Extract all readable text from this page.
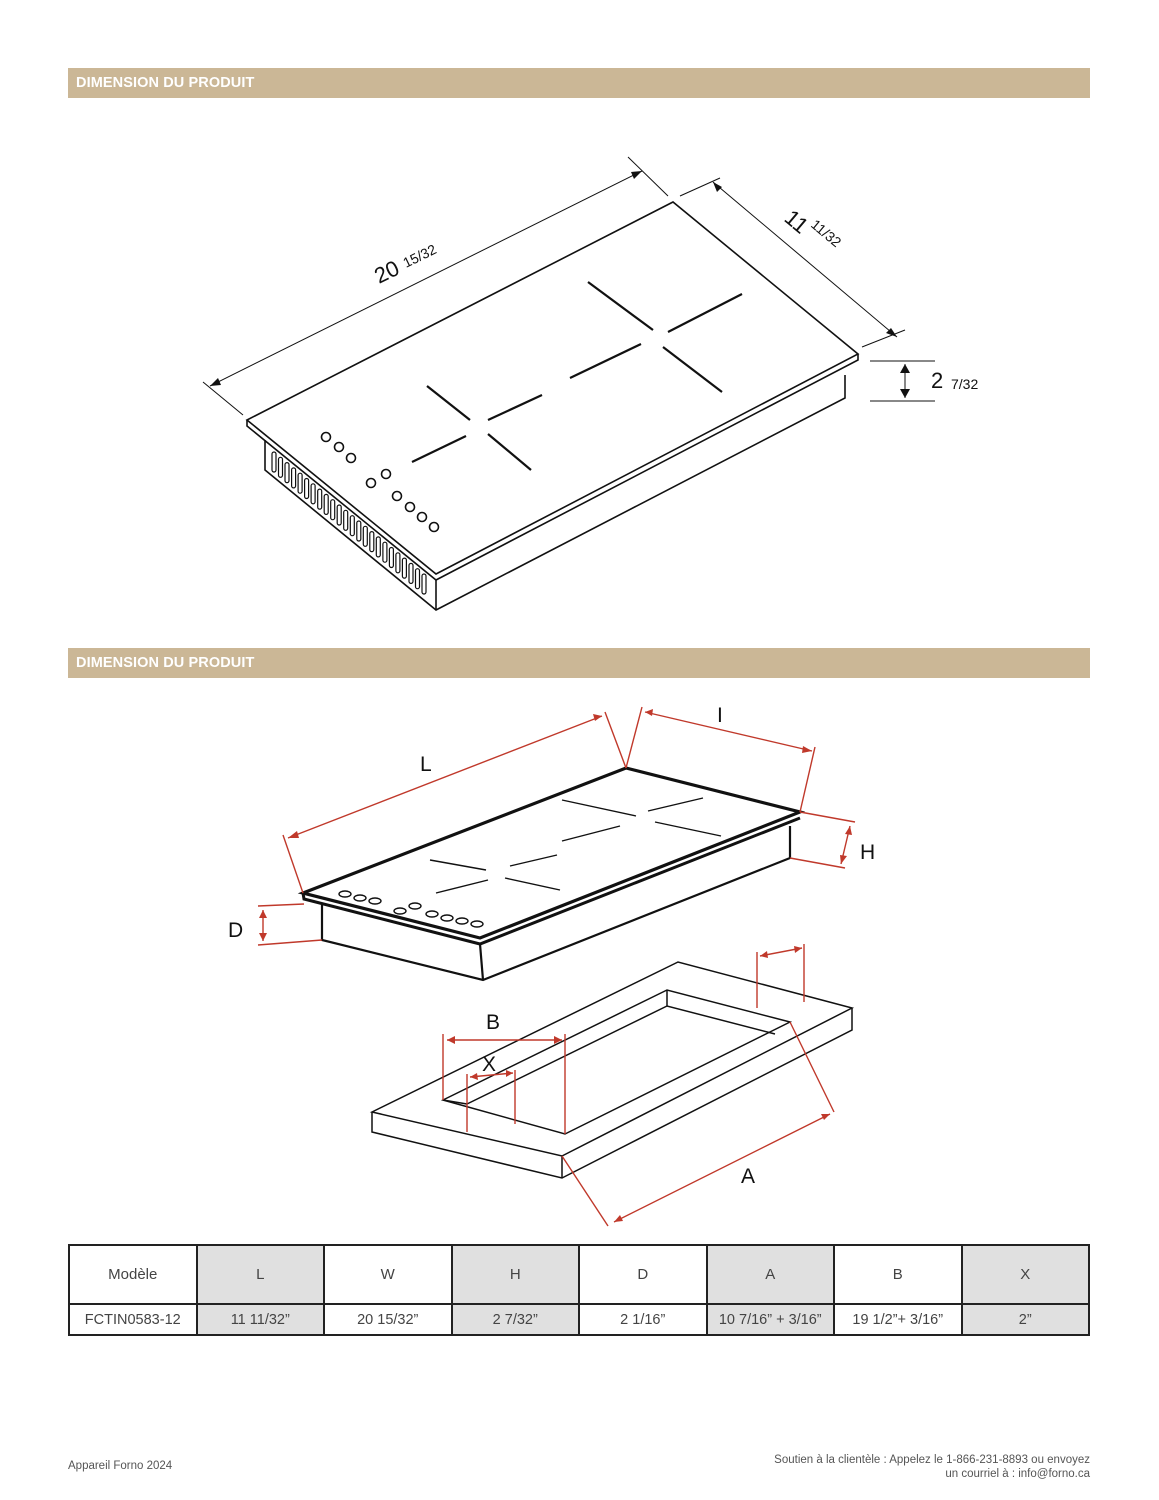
DIMENSION DU PRODUIT
20
15/32
11
11/32
2 7/32
DIMENSION DU PRODUIT
L
I
H
D
B
X
A
Modèle	L	W	H	D	A	B	X
FCTIN0583-12	11 11/32”	20 15/32”	2 7/32”	2 1/16”	10 7/16” + 3/16”	19 1/2”+ 3/16”	2”
Appareil Forno 2024	Soutien à la clientèle : Appelez le 1-866-231-8893 ou envoyez
un courriel à : info@forno.ca
